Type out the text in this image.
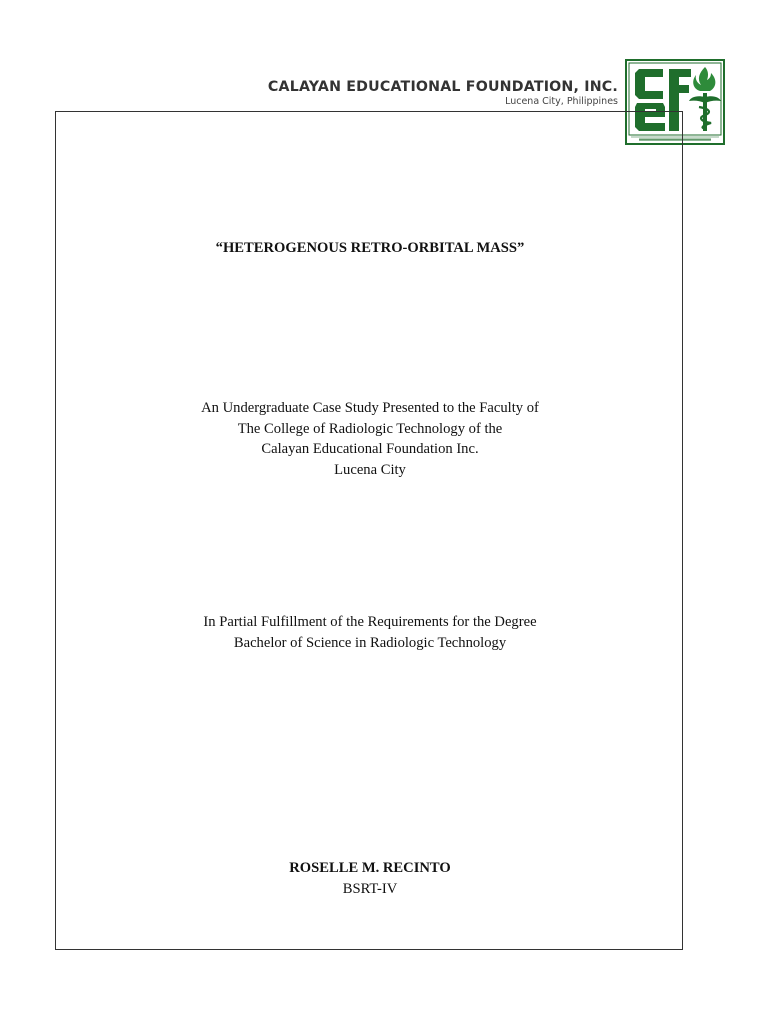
CALAYAN EDUCATIONAL FOUNDATION, INC.
Lucena City, Philippines
“HETEROGENOUS RETRO-ORBITAL MASS”
An Undergraduate Case Study Presented to the Faculty of
The College of Radiologic Technology of the
Calayan Educational Foundation Inc.
Lucena City
In Partial Fulfillment of the Requirements for the Degree
Bachelor of Science in Radiologic Technology
ROSELLE M. RECINTO
BSRT-IV
